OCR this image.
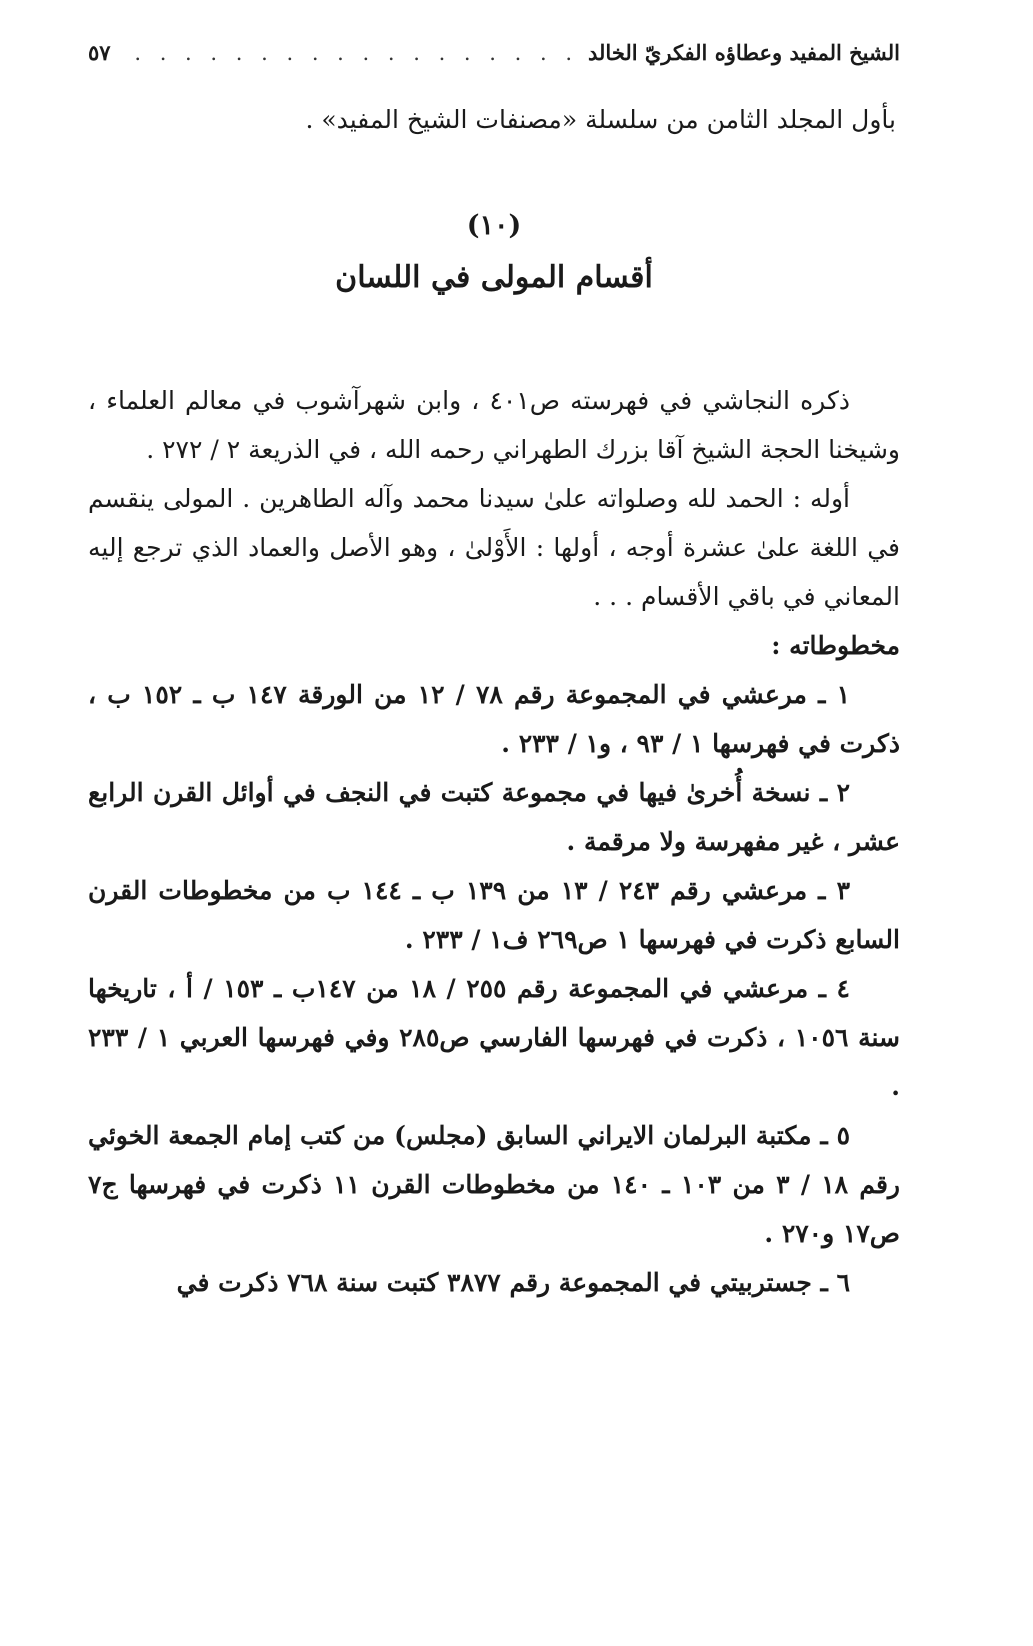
الشيخ المفيد وعطاؤه الفكريّ الخالد
. . .
٥٧
بأول المجلد الثامن من سلسلة «مصنفات الشيخ المفيد» .
(١٠)
أقسام المولى في اللسان

ذكره النجاشي في فهرسته ص٤٠١ ، وابن شهرآشوب في معالم العلماء ، وشيخنا الحجة الشيخ آقا بزرك الطهراني رحمه الله ، في الذريعة ٢ / ٢٧٢ .

أوله : الحمد لله وصلواته علىٰ سيدنا محمد وآله الطاهرين . المولى ينقسم في اللغة علىٰ عشرة أوجه ، أولها : الأَوْلىٰ ، وهو الأصل والعماد الذي ترجع إليه المعاني في باقي الأقسام . . .

مخطوطاته :

١ ـ مرعشي في المجموعة رقم ٧٨ / ١٢ من الورقة ١٤٧ ب ـ ١٥٢ ب ، ذكرت في فهرسها ١ / ٩٣ ، و١ / ٢٣٣ .

٢ ـ نسخة أُخرىٰ فيها في مجموعة كتبت في النجف في أوائل القرن الرابع عشر ، غير مفهرسة ولا مرقمة .

٣ ـ مرعشي رقم ٢٤٣ / ١٣ من ١٣٩ ب ـ ١٤٤ ب من مخطوطات القرن السابع ذكرت في فهرسها ١ ص٢٦٩ ف١ / ٢٣٣ .

٤ ـ مرعشي في المجموعة رقم ٢٥٥ / ١٨ من ١٤٧ب ـ ١٥٣ / أ ، تاريخها سنة ١٠٥٦ ، ذكرت في فهرسها الفارسي ص٢٨٥ وفي فهرسها العربي ١ / ٢٣٣ .

٥ ـ مكتبة البرلمان الايراني السابق (مجلس) من كتب إمام الجمعة الخوئي رقم ١٨ / ٣ من ١٠٣ ـ ١٤٠ من مخطوطات القرن ١١ ذكرت في فهرسها ج٧ ص١٧ و٢٧٠ .

٦ ـ جستربيتي في المجموعة رقم ٣٨٧٧ كتبت سنة ٧٦٨ ذكرت في
